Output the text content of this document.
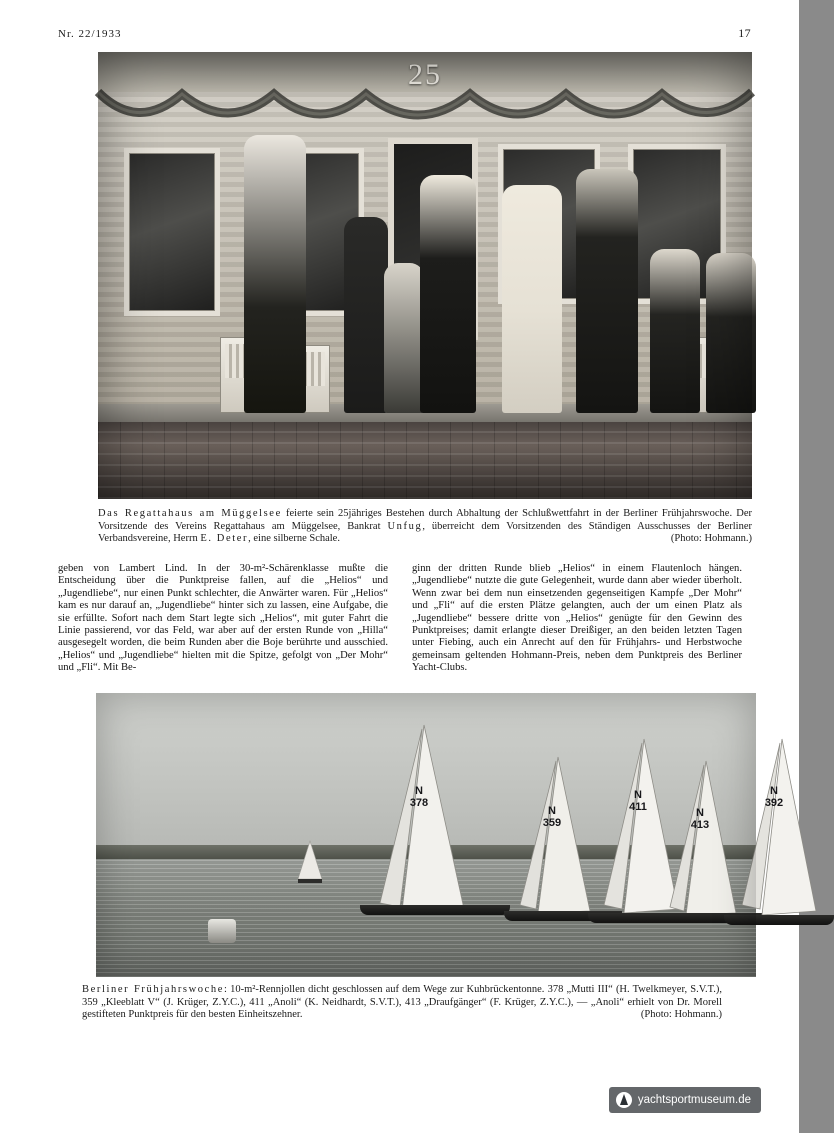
Nr. 22/1933	17
25
Das Regattahaus am Müggelsee feierte sein 25jähriges Bestehen durch Abhaltung der Schlußwettfahrt in der Berliner Frühjahrswoche. Der Vorsitzende des Vereins Regattahaus am Müggelsee, Bankrat Unfug, überreicht dem Vorsitzenden des Ständigen Ausschusses der Berliner Verbandsvereine, Herrn E. Deter, eine silberne Schale.	(Photo: Hohmann.)
geben von Lambert Lind. In der 30-m²-Schärenklasse mußte die Entscheidung über die Punktpreise fallen, auf die „Helios“ und „Jugendliebe“, nur einen Punkt schlechter, die Anwärter waren. Für „Helios“ kam es nur darauf an, „Jugendliebe“ hinter sich zu lassen, eine Aufgabe, die sie erfüllte. Sofort nach dem Start legte sich „Helios“, mit guter Fahrt die Linie passierend, vor das Feld, war aber auf der ersten Runde von „Hilla“ ausgesegelt worden, die beim Runden aber die Boje berührte und ausschied. „Helios“ und „Jugendliebe“ hielten mit die Spitze, gefolgt von „Der Mohr“ und „Fli“. Mit Be-
ginn der dritten Runde blieb „Helios“ in einem Flautenloch hängen. „Jugendliebe“ nutzte die gute Gelegenheit, wurde dann aber wieder überholt. Wenn zwar bei dem nun einsetzenden gegenseitigen Kampfe „Der Mohr“ und „Fli“ auf die ersten Plätze gelangten, auch der um einen Platz als „Jugendliebe“ bessere dritte von „Helios“ genügte für den Gewinn des Punktpreises; damit erlangte dieser Dreißiger, an den beiden letzten Tagen unter Fiebing, auch ein Anrecht auf den für Frühjahrs- und Herbstwoche gemeinsam geltenden Hohmann-Preis, neben dem Punktpreis des Berliner Yacht-Clubs.
N
378
N
359
N
411	N
413
N
392
Berliner Frühjahrswoche: 10-m²-Rennjollen dicht geschlossen auf dem Wege zur Kuhbrückentonne. 378 „Mutti III“ (H. Twelkmeyer, S.V.T.), 359 „Kleeblatt V“ (J. Krüger, Z.Y.C.), 411 „Anoli“ (K. Neidhardt, S.V.T.), 413 „Draufgänger“ (F. Krüger, Z.Y.C.), — „Anoli“ erhielt von Dr. Morell gestifteten Punktpreis für den besten Einheitszehner.	(Photo: Hohmann.)
yachtsportmuseum.de
